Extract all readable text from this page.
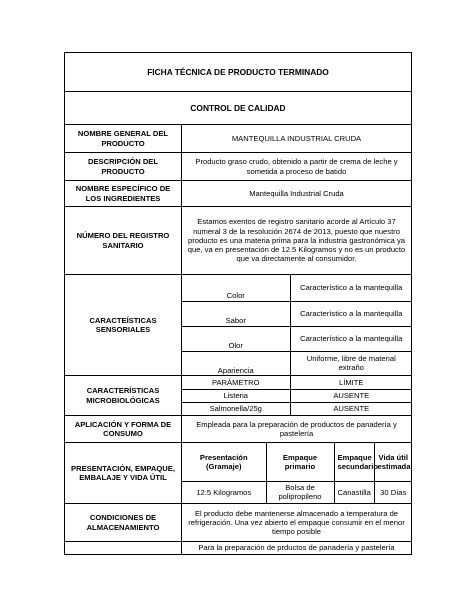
FICHA TÉCNICA DE PRODUCTO TERMINADO
CONTROL DE CALIDAD
NOMBRE GENERAL DEL PRODUCTO	MANTEQUILLA INDUSTRIAL CRUDA
DESCRIPCIÓN DEL PRODUCTO	Producto graso crudo, obtenido a partir de crema de leche y sometida a proceso de batido
NOMBRE ESPECÍFICO DE LOS INGREDIENTES	Mantequilla Industrial Cruda
NÚMERO DEL REGISTRO SANITARIO	Estamos exentos de registro sanitario acorde al Artículo 37 numeral 3 de la resolución 2674 de 2013, puesto que nuestro producto es una materia prima para la industria gastronómica ya que, va en presentación de 12.5 Kilogramos y no es un producto que va directamente al consumidor.
CARACTEÍSTICAS SENSORIALES	
Color	Característico a la mantequilla
Sabor	Característico a la mantequilla
Olor	Característico a la mantequilla
Apariencia	Uniforme, libre de material extraño

CARACTERÍSTICAS MICROBIOLÓGICAS	
PARÁMETRO	LÍMITE
Listeria	AUSENTE
Salmonella/25g	AUSENTE

APLICACIÓN Y FORMA DE CONSUMO	Empleada para la preparación de productos de panadería y pastelería
PRESENTACIÓN, EMPAQUE, EMBALAJE Y VIDA ÚTIL	
Presentación (Gramaje)	Empaque primario	Empaque secundario	Vida útil estimada
12.5 Kilogramos	Bolsa de polipropileno	Canastilla	30 Días

CONDICIONES DE ALMACENAMIENTO	El producto debe mantenerse almacenado a temperatura de refrigeración. Una vez abierto el empaque consumir en el menor tiempo posible
	Para la preparación de prductos de panadería y pastelería
